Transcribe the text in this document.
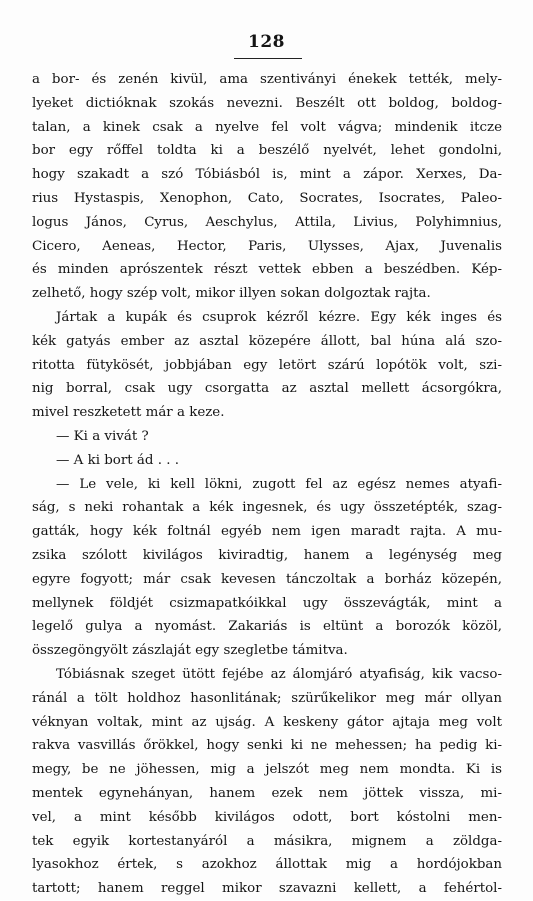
128
a bor- és zenén kivül, ama szentiványi énekek tették, mely-
lyeket dictióknak szokás nevezni. Beszélt ott boldog, boldog-
talan, a kinek csak a nyelve fel volt vágva; mindenik itcze
bor egy rőffel toldta ki a beszélő nyelvét, lehet gondolni,
hogy szakadt a szó Tóbiásból is, mint a zápor. Xerxes, Da-
rius Hystaspis, Xenophon, Cato, Socrates, Isocrates, Paleo-
logus János, Cyrus, Aeschylus, Attila, Livius, Polyhimnius,
Cicero, Aeneas, Hector, Paris, Ulysses, Ajax, Juvenalis
és minden aprószentek részt vettek ebben a beszédben. Kép-
zelhető, hogy szép volt, mikor illyen sokan dolgoztak rajta.
Jártak a kupák és csuprok kézről kézre. Egy kék inges és
kék gatyás ember az asztal közepére állott, bal húna alá szo-
ritotta fütykösét, jobbjában egy letört szárú lopótök volt, szi-
nig borral, csak ugy csorgatta az asztal mellett ácsorgókra,
mivel reszketett már a keze.
— Ki a vivát ?
— A ki bort ád . . .
— Le vele, ki kell lökni, zugott fel az egész nemes atyafi-
ság, s neki rohantak a kék ingesnek, és ugy összetépték, szag-
gatták, hogy kék foltnál egyéb nem igen maradt rajta. A mu-
zsika szólott kivilágos kiviradtig, hanem a legénység meg
egyre fogyott; már csak kevesen tánczoltak a borház közepén,
mellynek földjét csizmapatkóikkal ugy összevágták, mint a
legelő gulya a nyomást. Zakariás is eltünt a borozók közöl,
összegöngyölt zászlaját egy szegletbe támitva.
Tóbiásnak szeget ütött fejébe az álomjáró atyafiság, kik vacso-
ránál a tölt holdhoz hasonlitának; szürűkelikor meg már ollyan
véknyan voltak, mint az ujság. A keskeny gátor ajtaja meg volt
rakva vasvillás őrökkel, hogy senki ki ne mehessen; ha pedig ki-
megy, be ne jöhessen, mig a jelszót meg nem mondta. Ki is
mentek egynehányan, hanem ezek nem jöttek vissza, mi-
vel, a mint később kivilágos odott, bort kóstolni men-
tek egyik kortestanyáról a másikra, mignem a zöldga-
lyasokhoz értek, s azokhoz állottak mig a hordójokban
tartott; hanem reggel mikor szavazni kellett, a fehértol-
